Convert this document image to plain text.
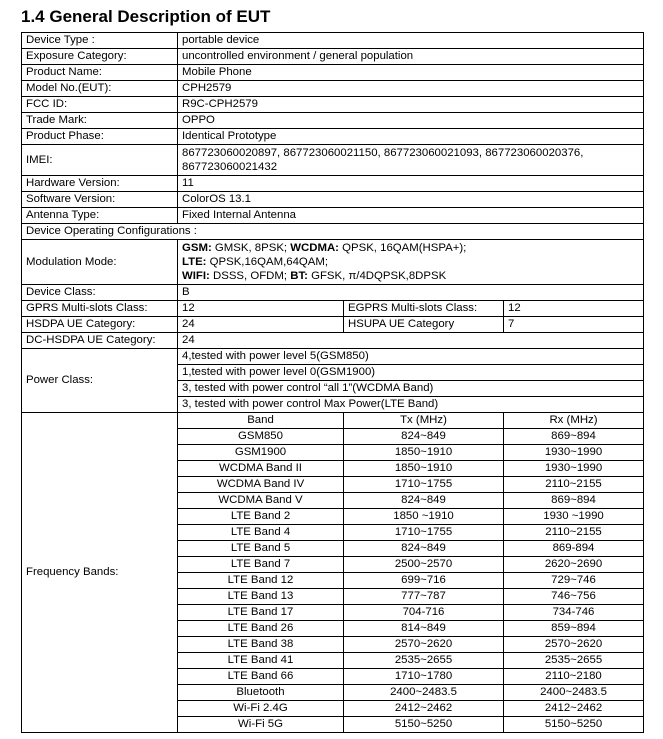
1.4 General Description of EUT
Device Type :	portable device		
Exposure Category:	uncontrolled environment / general population		
Product Name:	Mobile Phone		
Model No.(EUT):	CPH2579		
FCC ID:	R9C-CPH2579		
Trade Mark:	OPPO		
Product Phase:	Identical Prototype		
IMEI:	867723060020897, 867723060021150, 867723060021093, 867723060020376, 867723060021432		
Hardware Version:	11		
Software Version:	ColorOS 13.1		
Antenna Type:	Fixed Internal Antenna		
Device Operating Configurations :			
Modulation Mode:	GSM: GMSK, 8PSK; WCDMA: QPSK, 16QAM(HSPA+);
LTE: QPSK,16QAM,64QAM;
WIFI: DSSS, OFDM; BT: GFSK, π/4DQPSK,8DPSK		
Device Class:	B		
GPRS Multi-slots Class:	12	EGPRS Multi-slots Class:	12
HSDPA UE Category:	24	HSUPA UE Category	7
DC-HSDPA UE Category:	24		
Power Class:	4,tested with power level 5(GSM850)		
	1,tested with power level 0(GSM1900)		
	3, tested with power control “all 1”(WCDMA Band)		
	3, tested with power control Max Power(LTE Band)		
Frequency Bands:	Band	Tx (MHz)	Rx (MHz)
	GSM850	824~849	869~894
	GSM1900	1850~1910	1930~1990
	WCDMA Band II	1850~1910	1930~1990
	WCDMA Band IV	1710~1755	2110~2155
	WCDMA Band V	824~849	869~894
	LTE Band 2	1850 ~1910	1930 ~1990
	LTE Band 4	1710~1755	2110~2155
	LTE Band 5	824~849	869-894
	LTE Band 7	2500~2570	2620~2690
	LTE Band 12	699~716	729~746
	LTE Band 13	777~787	746~756
	LTE Band 17	704-716	734-746
	LTE Band 26	814~849	859~894
	LTE Band 38	2570~2620	2570~2620
	LTE Band 41	2535~2655	2535~2655
	LTE Band 66	1710~1780	2110~2180
	Bluetooth	2400~2483.5	2400~2483.5
	Wi-Fi 2.4G	2412~2462	2412~2462
	Wi-Fi 5G	5150~5250	5150~5250
